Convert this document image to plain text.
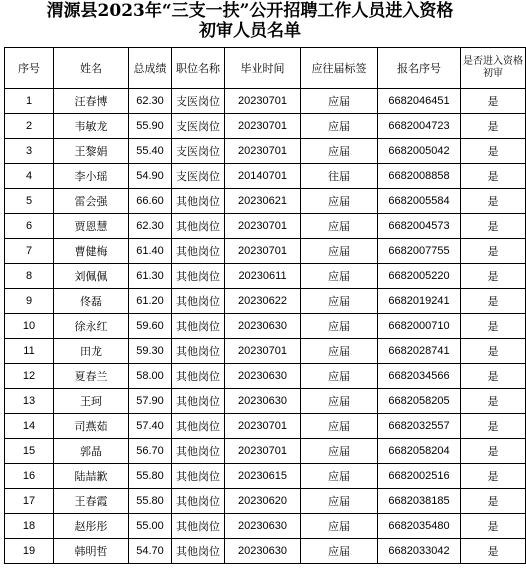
渭源县2023年“三支一扶”公开招聘工作人员进入资格
初审人员名单
序号	姓名	总成绩	职位名称	毕业时间	应往届标签	报名序号	是否进入资格初审
1	汪春博	62.30	支医岗位	20230701	应届	6682046451	是
2	韦敏龙	55.90	支医岗位	20230701	应届	6682004723	是
3	王黎娟	55.40	支医岗位	20230701	应届	6682005042	是
4	李小瑶	54.90	支医岗位	20140701	往届	6682008858	是
5	雷会强	66.60	其他岗位	20230621	应届	6682005584	是
6	贾恩慧	62.30	其他岗位	20230701	应届	6682004573	是
7	曹健梅	61.40	其他岗位	20230701	应届	6682007755	是
8	刘佩佩	61.30	其他岗位	20230611	应届	6682005220	是
9	佟磊	61.20	其他岗位	20230622	应届	6682019241	是
10	徐永红	59.60	其他岗位	20230630	应届	6682000710	是
11	田龙	59.30	其他岗位	20230701	应届	6682028741	是
12	夏春兰	58.00	其他岗位	20230630	应届	6682034566	是
13	王珂	57.90	其他岗位	20230630	应届	6682058205	是
14	司燕茹	57.40	其他岗位	20230701	应届	6682032557	是
15	郭晶	56.70	其他岗位	20230701	应届	6682058204	是
16	陆喆歉	55.80	其他岗位	20230615	应届	6682002516	是
17	王春霞	55.80	其他岗位	20230620	应届	6682038185	是
18	赵彤彤	55.00	其他岗位	20230630	应届	6682035480	是
19	韩明哲	54.70	其他岗位	20230630	应届	6682033042	是
